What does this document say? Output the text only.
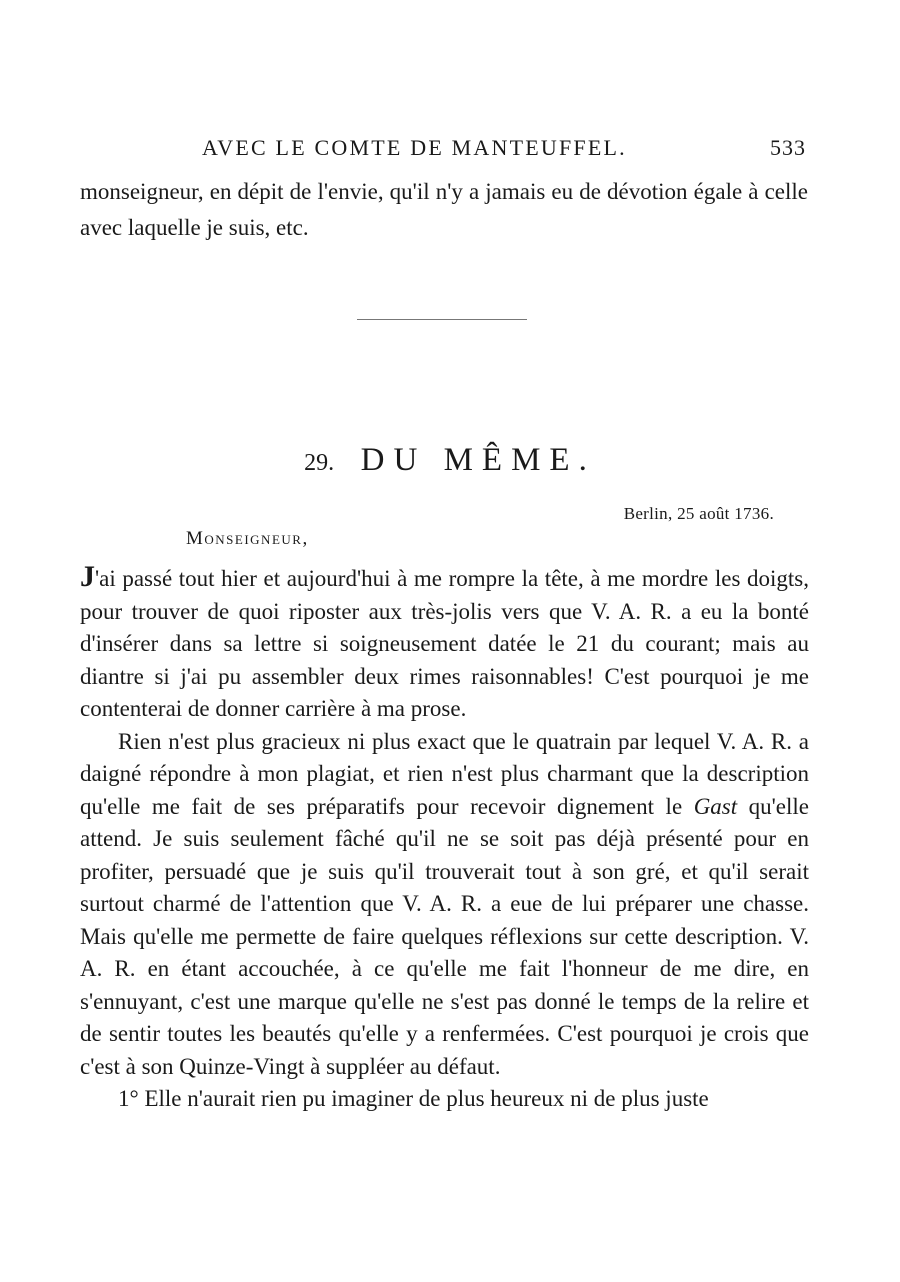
AVEC LE COMTE DE MANTEUFFEL.	533
monseigneur, en dépit de l'envie, qu'il n'y a jamais eu de dévotion égale à celle avec laquelle je suis, etc.
29. DU MÊME.
Berlin, 25 août 1736.
Monseigneur,

J'ai passé tout hier et aujourd'hui à me rompre la tête, à me mordre les doigts, pour trouver de quoi riposter aux très-jolis vers que V. A. R. a eu la bonté d'insérer dans sa lettre si soigneusement datée le 21 du courant; mais au diantre si j'ai pu assembler deux rimes raisonnables! C'est pourquoi je me contenterai de donner carrière à ma prose.

Rien n'est plus gracieux ni plus exact que le quatrain par lequel V. A. R. a daigné répondre à mon plagiat, et rien n'est plus charmant que la description qu'elle me fait de ses préparatifs pour recevoir dignement le Gast qu'elle attend. Je suis seulement fâché qu'il ne se soit pas déjà présenté pour en profiter, persuadé que je suis qu'il trouverait tout à son gré, et qu'il serait surtout charmé de l'attention que V. A. R. a eue de lui préparer une chasse. Mais qu'elle me permette de faire quelques réflexions sur cette description. V. A. R. en étant accouchée, à ce qu'elle me fait l'honneur de me dire, en s'ennuyant, c'est une marque qu'elle ne s'est pas donné le temps de la relire et de sentir toutes les beautés qu'elle y a renfermées. C'est pourquoi je crois que c'est à son Quinze-Vingt à suppléer au défaut.

1° Elle n'aurait rien pu imaginer de plus heureux ni de plus juste
